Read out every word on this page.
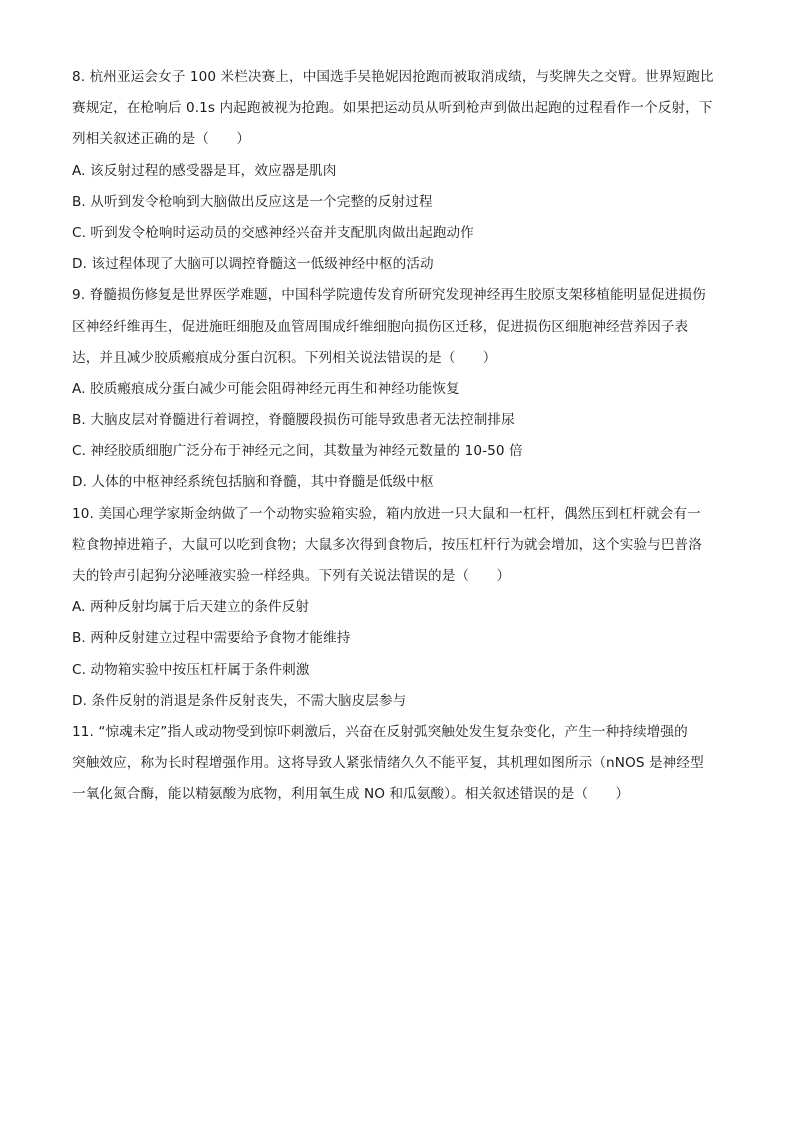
8. 杭州亚运会女子 100 米栏决赛上，中国选手吴艳妮因抢跑而被取消成绩，与奖牌失之交臂。世界短跑比
赛规定，在枪响后 0.1s 内起跑被视为抢跑。如果把运动员从听到枪声到做出起跑的过程看作一个反射，下
列相关叙述正确的是（　　）
A. 该反射过程的感受器是耳，效应器是肌肉
B. 从听到发令枪响到大脑做出反应这是一个完整的反射过程
C. 听到发令枪响时运动员的交感神经兴奋并支配肌肉做出起跑动作
D. 该过程体现了大脑可以调控脊髓这一低级神经中枢的活动
9. 脊髓损伤修复是世界医学难题，中国科学院遗传发育所研究发现神经再生胶原支架移植能明显促进损伤
区神经纤维再生，促进施旺细胞及血管周围成纤维细胞向损伤区迁移，促进损伤区细胞神经营养因子表
达，并且减少胶质瘢痕成分蛋白沉积。下列相关说法错误的是（　　）
A. 胶质瘢痕成分蛋白减少可能会阻碍神经元再生和神经功能恢复
B. 大脑皮层对脊髓进行着调控，脊髓腰段损伤可能导致患者无法控制排尿
C. 神经胶质细胞广泛分布于神经元之间，其数量为神经元数量的 10-50 倍
D. 人体的中枢神经系统包括脑和脊髓，其中脊髓是低级中枢
10. 美国心理学家斯金纳做了一个动物实验箱实验，箱内放进一只大鼠和一杠杆，偶然压到杠杆就会有一
粒食物掉进箱子，大鼠可以吃到食物；大鼠多次得到食物后，按压杠杆行为就会增加，这个实验与巴普洛
夫的铃声引起狗分泌唾液实验一样经典。下列有关说法错误的是（　　）
A. 两种反射均属于后天建立的条件反射
B. 两种反射建立过程中需要给予食物才能维持
C. 动物箱实验中按压杠杆属于条件刺激
D. 条件反射的消退是条件反射丧失，不需大脑皮层参与
11. “惊魂未定”指人或动物受到惊吓刺激后，兴奋在反射弧突触处发生复杂变化，产生一种持续增强的
突触效应，称为长时程增强作用。这将导致人紧张情绪久久不能平复，其机理如图所示（nNOS 是神经型
一氧化氮合酶，能以精氨酸为底物，利用氧生成 NO 和瓜氨酸）。相关叙述错误的是（　　）
